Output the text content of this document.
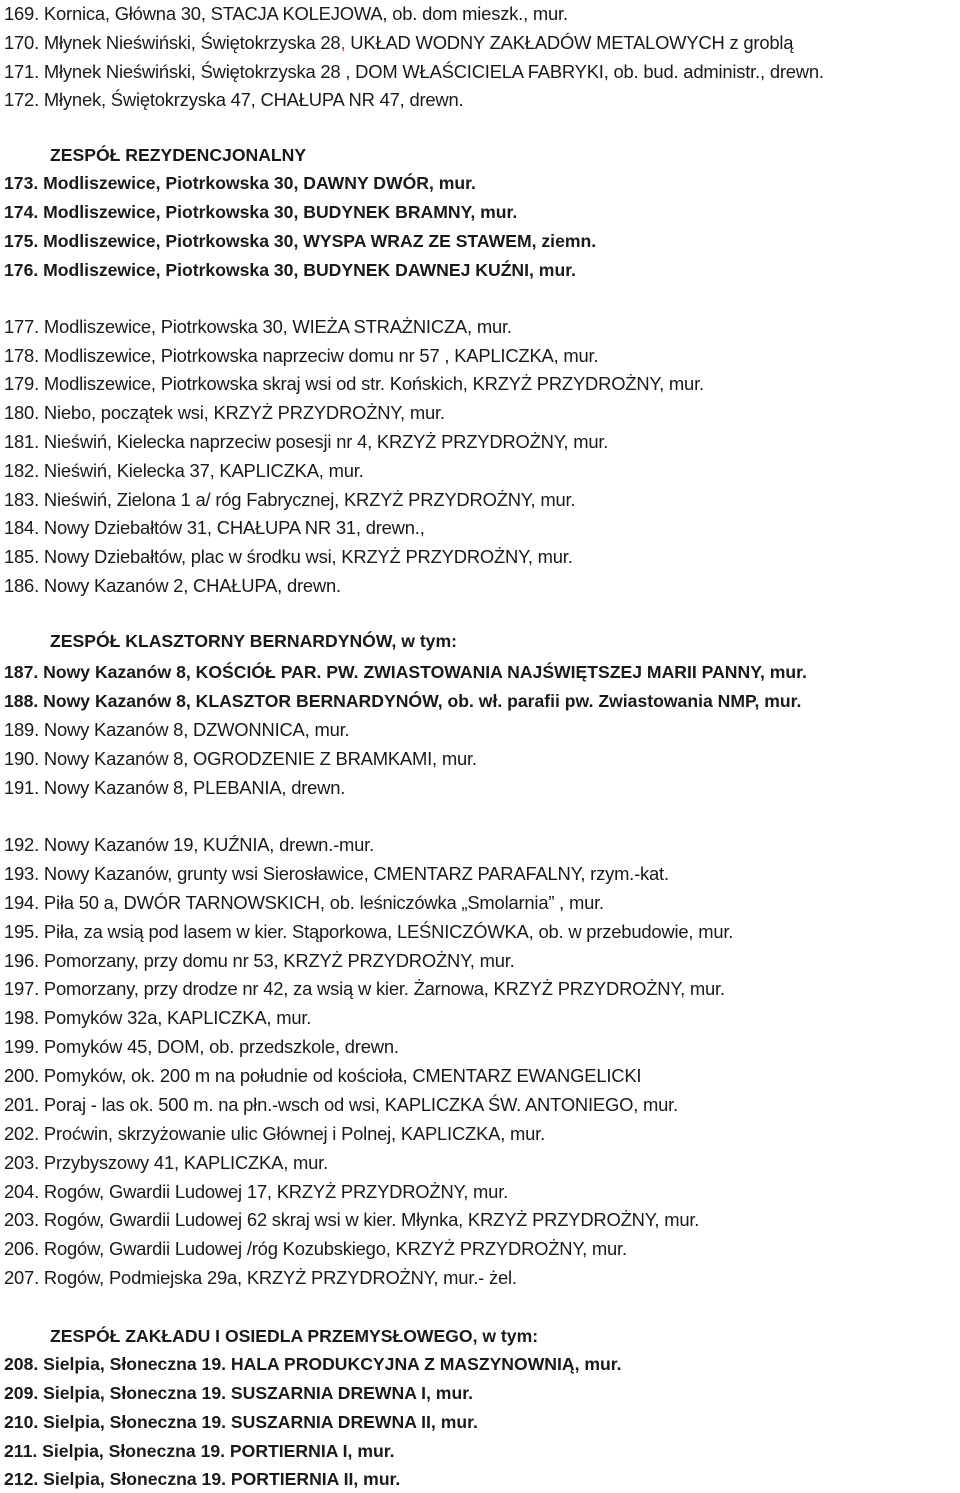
169. Kornica, Główna 30, STACJA KOLEJOWA, ob. dom mieszk., mur.
170. Młynek Nieświński, Świętokrzyska 28, UKŁAD WODNY ZAKŁADÓW METALOWYCH z groblą
171. Młynek Nieświński, Świętokrzyska 28 , DOM WŁAŚCICIELA FABRYKI, ob. bud. administr., drewn.
172. Młynek, Świętokrzyska 47, CHAŁUPA NR 47, drewn.
ZESPÓŁ REZYDENCJONALNY
173. Modliszewice, Piotrkowska 30, DAWNY DWÓR, mur.
174. Modliszewice, Piotrkowska 30, BUDYNEK BRAMNY, mur.
175. Modliszewice, Piotrkowska 30, WYSPA WRAZ ZE STAWEM, ziemn.
176. Modliszewice, Piotrkowska 30, BUDYNEK DAWNEJ KUŹNI, mur.
177. Modliszewice, Piotrkowska 30, WIEŻA STRAŻNICZA, mur.
178. Modliszewice, Piotrkowska naprzeciw domu nr 57 , KAPLICZKA, mur.
179. Modliszewice, Piotrkowska skraj wsi od str. Końskich, KRZYŻ PRZYDROŻNY, mur.
180. Niebo, początek wsi, KRZYŻ PRZYDROŻNY, mur.
181. Nieświń, Kielecka naprzeciw posesji nr 4, KRZYŻ PRZYDROŻNY, mur.
182. Nieświń, Kielecka 37, KAPLICZKA, mur.
183. Nieświń, Zielona 1 a/ róg Fabrycznej, KRZYŻ PRZYDROŻNY, mur.
184. Nowy Dziebałtów 31, CHAŁUPA NR 31, drewn.,
185. Nowy Dziebałtów, plac w środku wsi, KRZYŻ PRZYDROŻNY, mur.
186. Nowy Kazanów 2, CHAŁUPA, drewn.
ZESPÓŁ KLASZTORNY BERNARDYNÓW, w tym:
187. Nowy Kazanów 8, KOŚCIÓŁ PAR. PW. ZWIASTOWANIA NAJŚWIĘTSZEJ MARII PANNY, mur.
188. Nowy Kazanów 8, KLASZTOR BERNARDYNÓW, ob. wł. parafii pw. Zwiastowania NMP, mur.
189. Nowy Kazanów 8, DZWONNICA, mur.
190. Nowy Kazanów 8, OGRODZENIE Z BRAMKAMI, mur.
191. Nowy Kazanów 8, PLEBANIA, drewn.
192. Nowy Kazanów 19, KUŹNIA, drewn.-mur.
193. Nowy Kazanów, grunty wsi Sierosławice, CMENTARZ PARAFALNY, rzym.-kat.
194. Piła 50 a, DWÓR TARNOWSKICH, ob. leśniczówka „Smolarnia” , mur.
195. Piła, za wsią pod lasem w kier. Stąporkowa, LEŚNICZÓWKA, ob. w przebudowie, mur.
196. Pomorzany, przy domu nr 53, KRZYŻ PRZYDROŻNY, mur.
197. Pomorzany, przy drodze nr 42, za wsią w kier. Żarnowa, KRZYŻ PRZYDROŻNY, mur.
198. Pomyków 32a, KAPLICZKA, mur.
199. Pomyków 45, DOM, ob. przedszkole, drewn.
200. Pomyków, ok. 200 m na południe od kościoła, CMENTARZ EWANGELICKI
201. Poraj - las ok. 500 m. na płn.-wsch od wsi, KAPLICZKA ŚW. ANTONIEGO, mur.
202. Proćwin, skrzyżowanie ulic Głównej i Polnej, KAPLICZKA, mur.
203. Przybyszowy 41, KAPLICZKA, mur.
204. Rogów, Gwardii Ludowej 17, KRZYŻ PRZYDROŻNY, mur.
203. Rogów, Gwardii Ludowej 62 skraj wsi w kier. Młynka, KRZYŻ PRZYDROŻNY, mur.
206. Rogów, Gwardii Ludowej /róg Kozubskiego, KRZYŻ PRZYDROŻNY, mur.
207. Rogów, Podmiejska 29a, KRZYŻ PRZYDROŻNY, mur.- żel.
ZESPÓŁ ZAKŁADU I OSIEDLA PRZEMYSŁOWEGO, w tym:
208. Sielpia, Słoneczna 19. HALA PRODUKCYJNA Z MASZYNOWNIĄ, mur.
209. Sielpia, Słoneczna 19. SUSZARNIA DREWNA I, mur.
210. Sielpia, Słoneczna 19. SUSZARNIA DREWNA II, mur.
211. Sielpia, Słoneczna 19. PORTIERNIA I, mur.
212. Sielpia, Słoneczna 19. PORTIERNIA II, mur.
